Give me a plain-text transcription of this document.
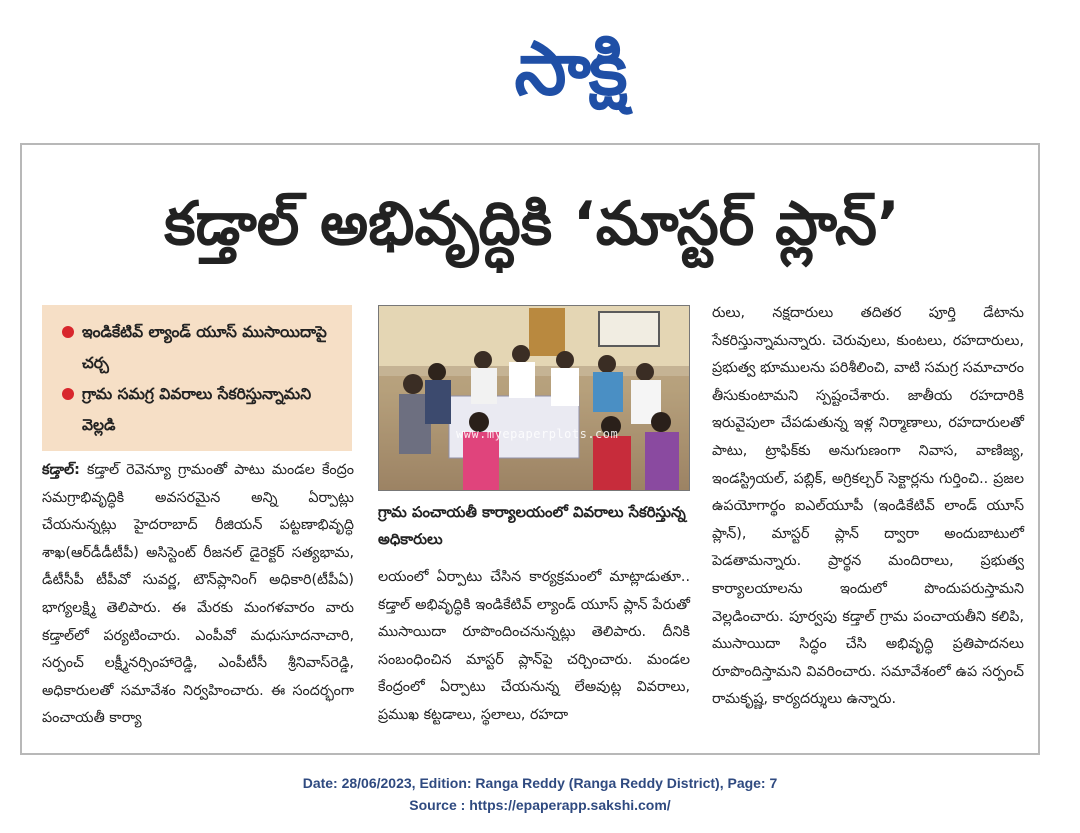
సాక్షి
కడ్తాల్ అభివృద్ధికి ‘మాస్టర్ ప్లాన్’
ఇండికేటివ్ ల్యాండ్ యూస్ ముసాయిదాపై చర్చ
గ్రామ సమగ్ర వివరాలు సేకరిస్తున్నామని వెల్లడి

కడ్తాల్: కడ్తాల్ రెవెన్యూ గ్రామంతో పాటు మండల కేంద్రం సమగ్రాభివృద్ధికి అవసరమైన అన్ని ఏర్పాట్లు చేయనున్నట్లు హైదరాబాద్ రీజియన్ పట్టణాభివృద్ధి శాఖ(ఆర్‌డీడీటీపీ) అసిస్టెంట్ రీజనల్ డైరెక్టర్ సత్యభామ, డీటీసీపీ టీపీవో సువర్ణ, టౌన్‌ప్లానింగ్ అధికారి(టీపీఏ) భాగ్యలక్ష్మి తెలిపారు. ఈ మేరకు మంగళవారం వారు కడ్తాల్‌లో పర్యటించారు. ఎంపీవో మధుసూదనాచారి, సర్పంచ్ లక్ష్మీనర్సింహారెడ్డి, ఎంపీటీసీ శ్రీనివాస్‌రెడ్డి, అధికారులతో సమావేశం నిర్వహించారు. ఈ సందర్భంగా పంచాయతీ కార్యా

www.myepaperplots.com
గ్రామ పంచాయతీ కార్యాలయంలో వివరాలు సేకరిస్తున్న అధికారులు

లయంలో ఏర్పాటు చేసిన కార్యక్రమంలో మాట్లాడుతూ.. కడ్తాల్ అభివృద్ధికి ఇండికేటివ్ ల్యాండ్ యూస్ ప్లాన్ పేరుతో ముసాయిదా రూపొందించనున్నట్లు తెలిపారు. దీనికి సంబంధించిన మాస్టర్ ప్లాన్‌పై చర్చించారు. మండల కేంద్రంలో ఏర్పాటు చేయనున్న లేఅవుట్ల వివరాలు, ప్రముఖ కట్టడాలు, స్థలాలు, రహదా

రులు, నక్షదారులు తదితర పూర్తి డేటాను సేకరిస్తున్నామన్నారు. చెరువులు, కుంటలు, రహదారులు, ప్రభుత్వ భూములను పరిశీలించి, వాటి సమగ్ర సమాచారం తీసుకుంటామని స్పష్టంచేశారు. జాతీయ రహదారికి ఇరువైపులా చేపడుతున్న ఇళ్ల నిర్మాణాలు, రహదారులతో పాటు, ట్రాఫిక్‌కు అనుగుణంగా నివాస, వాణిజ్య, ఇండస్ట్రియల్, పబ్లిక్, అగ్రికల్చర్ సెక్టార్లను గుర్తించి.. ప్రజల ఉపయోగార్థం ఐఎల్‌యూపీ (ఇండికేటివ్ లాండ్ యూస్ ప్లాన్), మాస్టర్ ప్లాన్ ద్వారా అందుబాటులో పెడతామన్నారు. ప్రార్థన మందిరాలు, ప్రభుత్వ కార్యాలయాలను ఇందులో పొందుపరుస్తామని వెల్లడించారు. పూర్వపు కడ్తాల్ గ్రామ పంచాయతీని కలిపి, ముసాయిదా సిద్ధం చేసి అభివృద్ధి ప్రతిపాదనలు రూపొందిస్తామని వివరించారు. సమావేశంలో ఉప సర్పంచ్ రామకృష్ణ, కార్యదర్శులు ఉన్నారు.

Date: 28/06/2023, Edition: Ranga Reddy (Ranga Reddy District), Page: 7
Source : https://epaperapp.sakshi.com/
